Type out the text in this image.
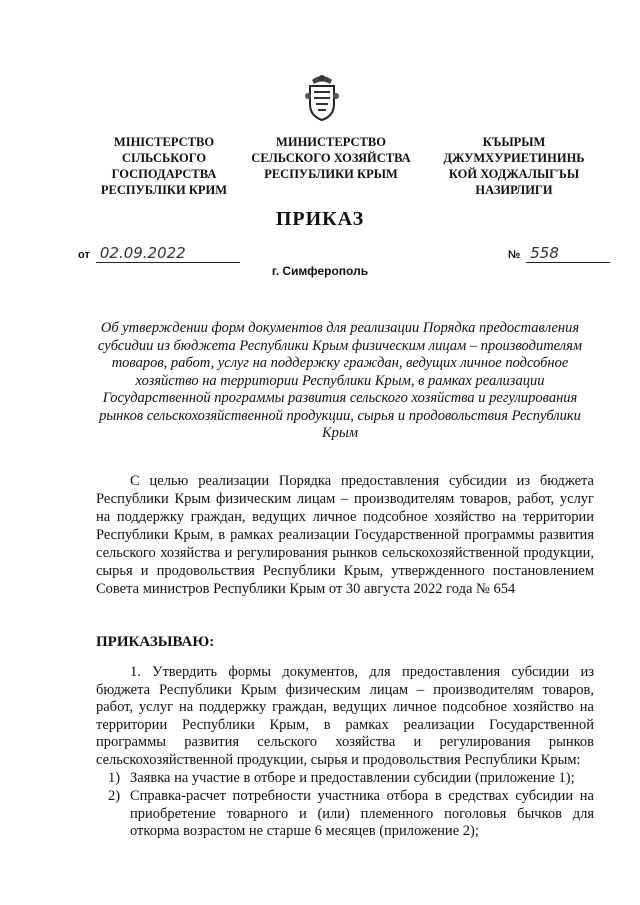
МІНІСТЕРСТВО
СІЛЬСЬКОГО
ГОСПОДАРСТВА
РЕСПУБЛІКИ КРИМ
МИНИСТЕРСТВО
СЕЛЬСКОГО ХОЗЯЙСТВА
РЕСПУБЛИКИ КРЫМ
КЪЫРЫМ
ДЖУМХУРИЕТИНИНЬ
КОЙ ХОДЖАЛЫГЪЫ
НАЗИРЛИГИ
ПРИКАЗ
от 02.09.2022	№ 558
г. Симферополь
Об утверждении форм документов для реализации Порядка предоставления субсидии из бюджета Республики Крым физическим лицам – производителям товаров, работ, услуг на поддержку граждан, ведущих личное подсобное хозяйство на территории Республики Крым, в рамках реализации Государственной программы развития сельского хозяйства и регулирования рынков сельскохозяйственной продукции, сырья и продовольствия Республики Крым
С целью реализации Порядка предоставления субсидии из бюджета Республики Крым физическим лицам – производителям товаров, работ, услуг на поддержку граждан, ведущих личное подсобное хозяйство на территории Республики Крым, в рамках реализации Государственной программы развития сельского хозяйства и регулирования рынков сельскохозяйственной продукции, сырья и продовольствия Республики Крым, утвержденного постановлением Совета министров Республики Крым от 30 августа 2022 года № 654
ПРИКАЗЫВАЮ:
1. Утвердить формы документов, для предоставления субсидии из бюджета Республики Крым физическим лицам – производителям товаров, работ, услуг на поддержку граждан, ведущих личное подсобное хозяйство на территории Республики Крым, в рамках реализации Государственной программы развития сельского хозяйства и регулирования рынков сельскохозяйственной продукции, сырья и продовольствия Республики Крым:
1) Заявка на участие в отборе и предоставлении субсидии (приложение 1);
2) Справка-расчет потребности участника отбора в средствах субсидии на приобретение товарного и (или) племенного поголовья бычков для откорма возрастом не старше 6 месяцев (приложение 2);
